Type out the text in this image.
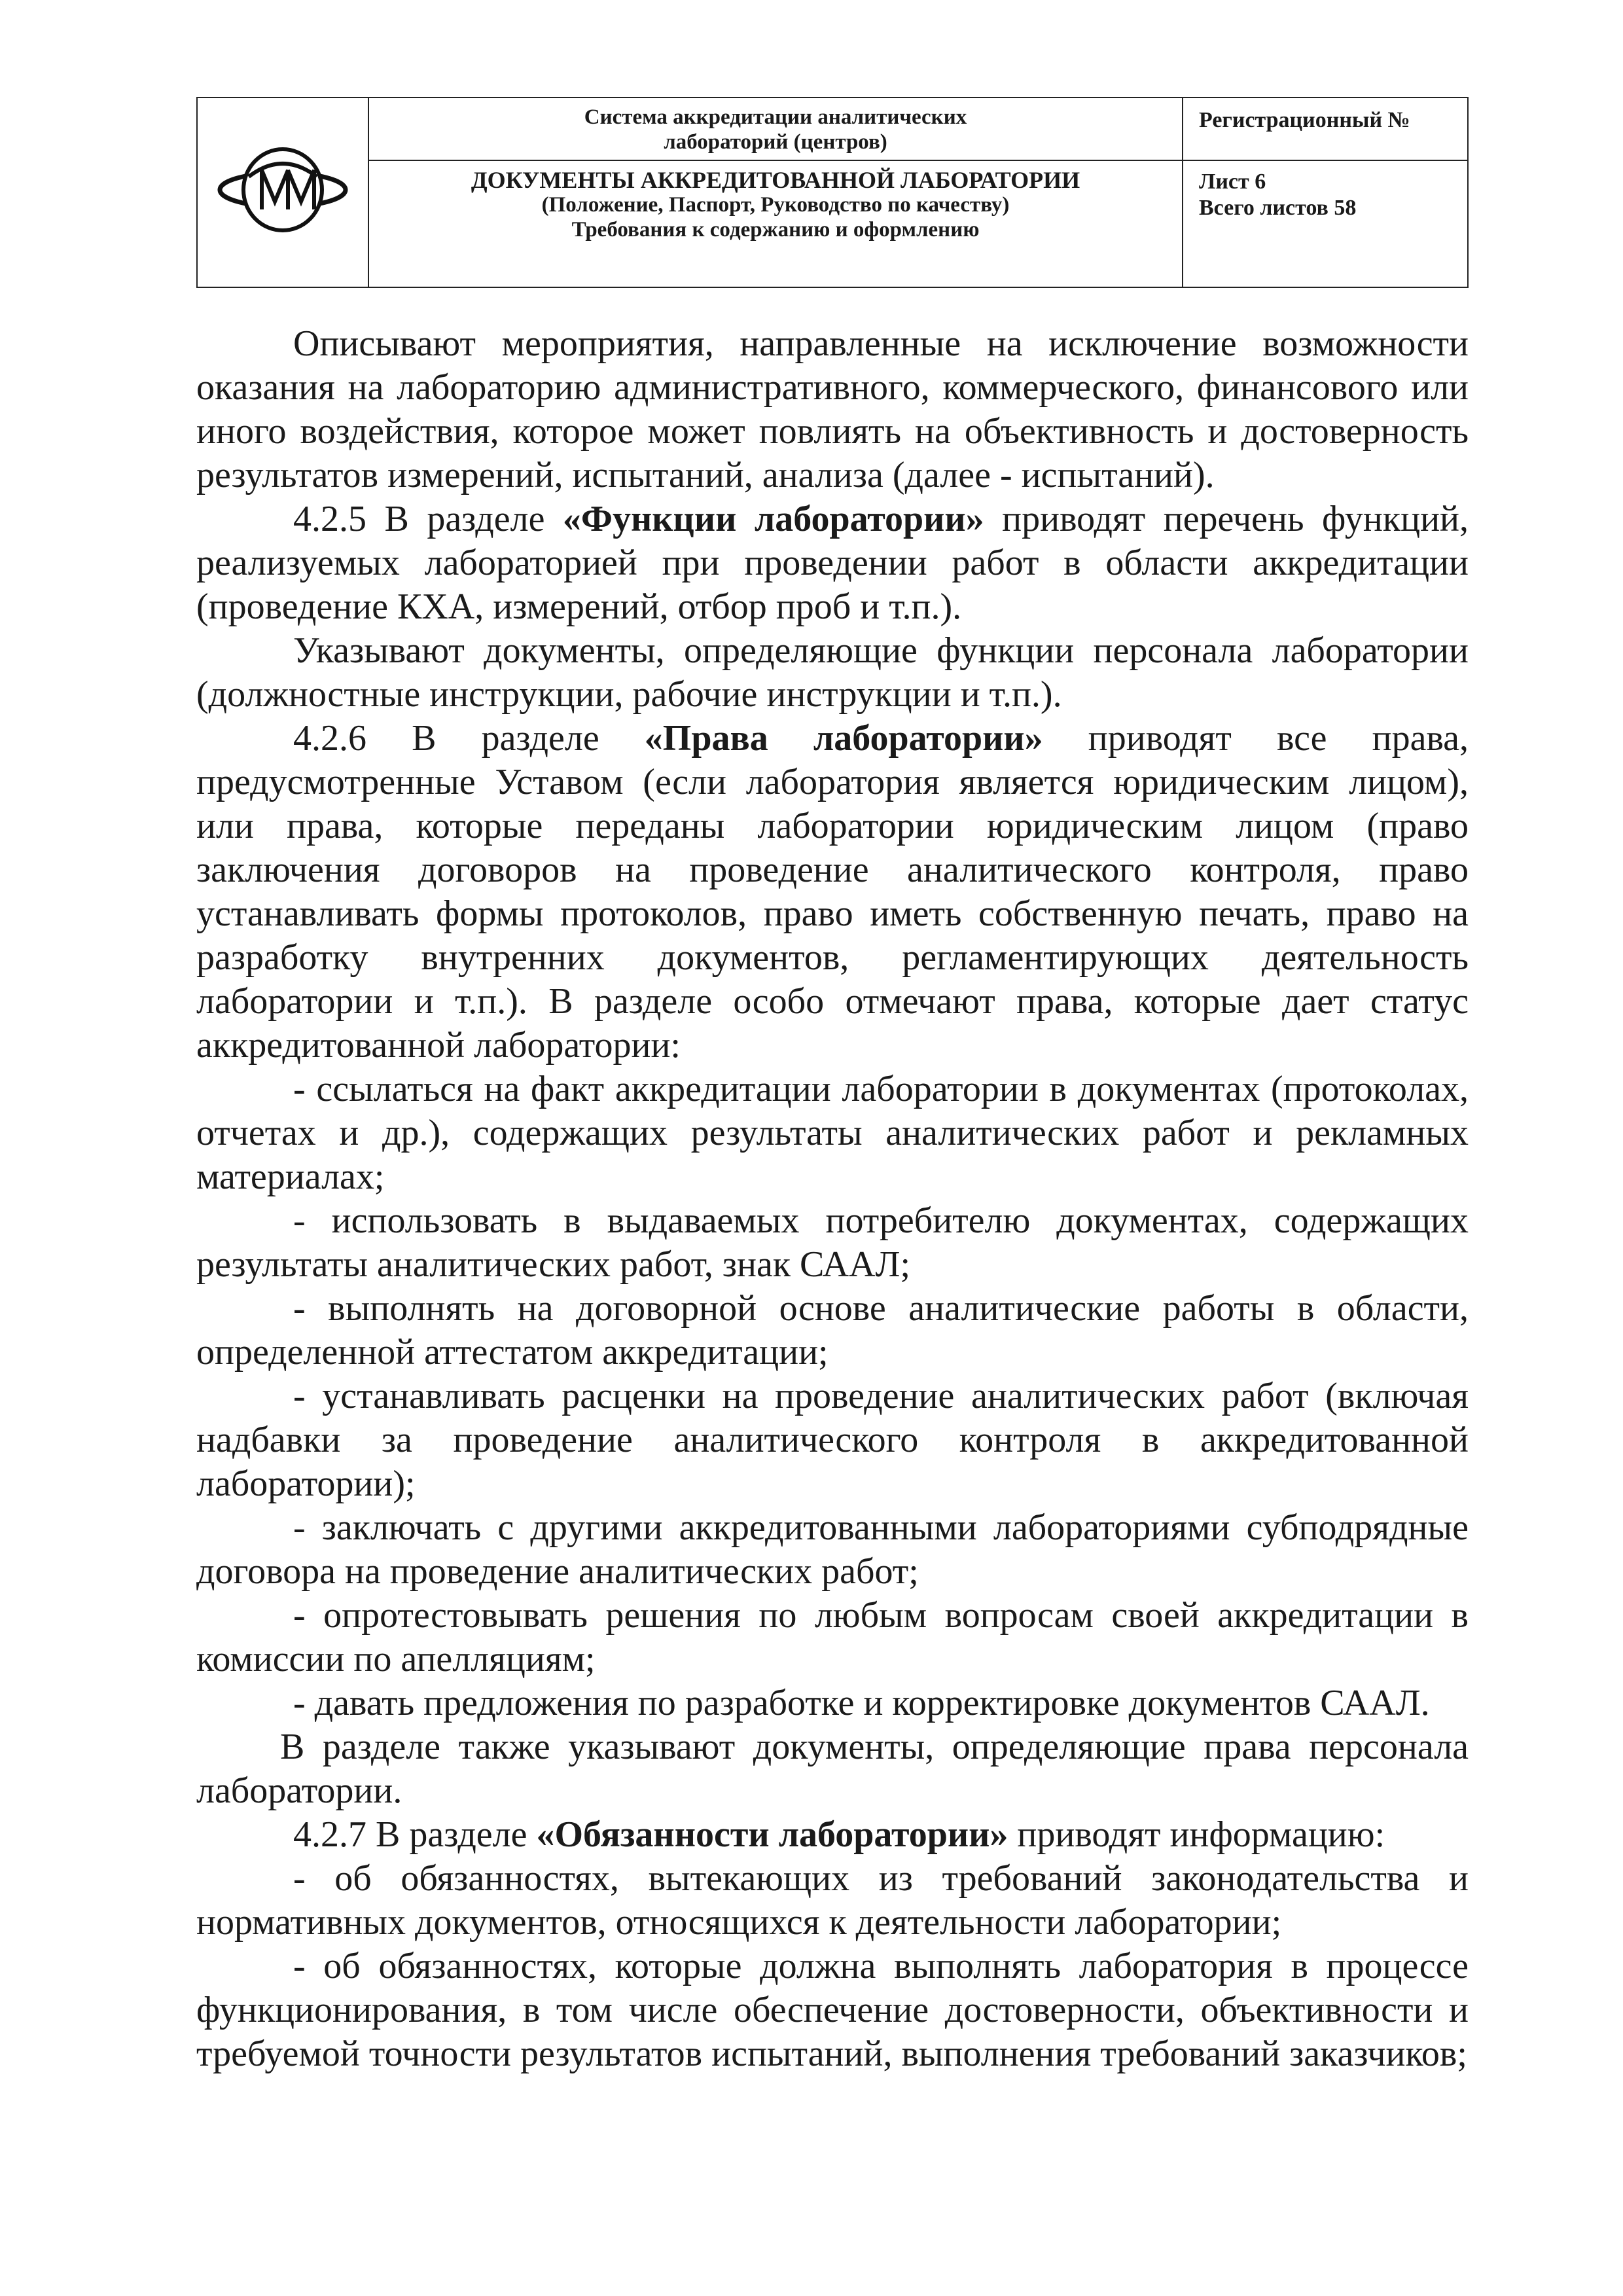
Система аккредитации аналитических
лабораторий (центров)
ДОКУМЕНТЫ АККРЕДИТОВАННОЙ ЛАБОРАТОРИИ
(Положение, Паспорт, Руководство по качеству)
Требования к содержанию и оформлению
Регистрационный №
Лист 6
Всего листов 58

Описывают мероприятия, направленные на исключение возможности оказания на лабораторию административного, коммерческого, финансового или иного воздействия, которое может повлиять на объективность и достоверность результатов измерений, испытаний, анализа (далее - испытаний).

4.2.5 В разделе «Функции лаборатории» приводят перечень функций, реализуемых лабораторией при проведении работ в области аккредитации (проведение КХА, измерений, отбор проб и т.п.).

Указывают документы, определяющие функции персонала лаборатории (должностные инструкции, рабочие инструкции и т.п.).

4.2.6 В разделе «Права лаборатории» приводят все права, предусмотренные Уставом (если лаборатория является юридическим лицом), или права, которые переданы лаборатории юридическим лицом (право заключения договоров на проведение аналитического контроля, право устанавливать формы протоколов, право иметь собственную печать, право на разработку внутренних документов, регламентирующих деятельность лаборатории и т.п.). В разделе особо отмечают права, которые дает статус аккредитованной лаборатории:

- ссылаться на факт аккредитации лаборатории в документах (протоколах, отчетах и др.), содержащих результаты аналитических работ и рекламных материалах;

- использовать в выдаваемых потребителю документах, содержащих результаты аналитических работ, знак СААЛ;

- выполнять на договорной основе аналитические работы в области, определенной аттестатом аккредитации;

- устанавливать расценки на проведение аналитических работ (включая надбавки за проведение аналитического контроля в аккредитованной лаборатории);

- заключать с другими аккредитованными лабораториями субподрядные договора на проведение аналитических работ;

- опротестовывать решения по любым вопросам своей аккредитации в комиссии по апелляциям;

- давать предложения по разработке и корректировке документов СААЛ.

В разделе также указывают документы, определяющие права персонала лаборатории.

4.2.7 В разделе «Обязанности лаборатории» приводят информацию:

- об обязанностях, вытекающих из требований законодательства и нормативных документов, относящихся к деятельности лаборатории;

- об обязанностях, которые должна выполнять лаборатория в процессе функционирования, в том числе обеспечение достоверности, объективности и требуемой точности результатов испытаний, выполнения требований заказчиков;
